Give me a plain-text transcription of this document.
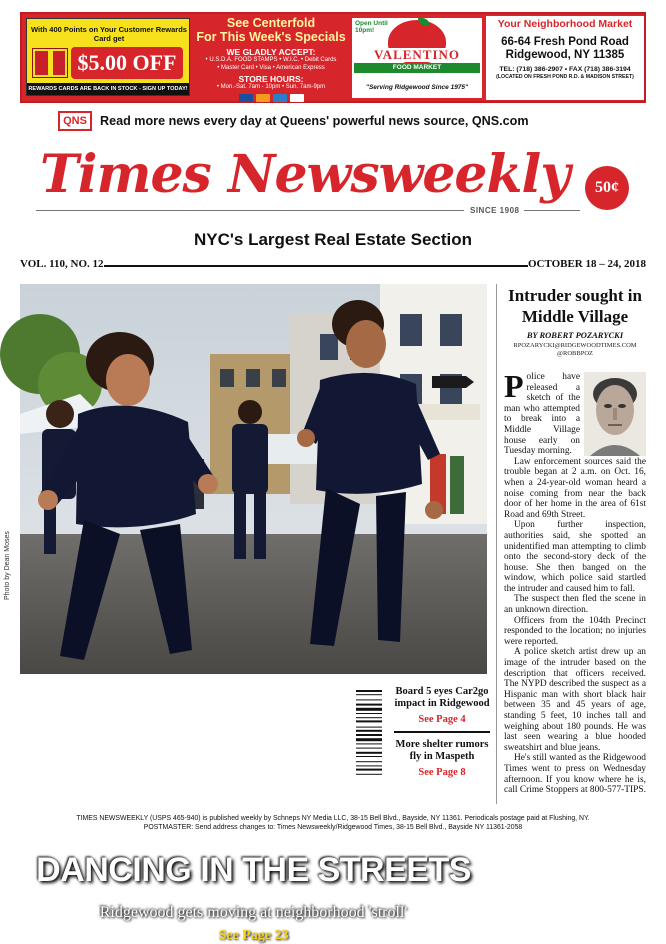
With 400 Points on Your Customer Rewards Card get
$5.00 OFF
REWARDS CARDS ARE BACK IN STOCK - SIGN UP TODAY!
See Centerfold
For This Week's Specials
WE GLADLY ACCEPT:
• U.S.D.A. FOOD STAMPS • W.I.C. • Debit Cards
• Master Card • Visa • American Express
STORE HOURS:
• Mon.-Sat. 7am - 10pm • Sun. 7am-9pm
Open Until 10pm!
VALENTINO
FOOD MARKET
"Serving Ridgewood Since 1975"
Your Neighborhood Market
66-64 Fresh Pond Road
Ridgewood, NY 11385
TEL: (718) 386-2907 • FAX (718) 386-3194
(LOCATED ON FRESH POND R.D. & MADISON STREET)
QNS	Read more news every day at Queens' powerful news source, QNS.com
Times Newsweekly	50¢
SINCE 1908
NYC's Largest Real Estate Section
VOL. 110, NO. 12	OCTOBER 18 – 24, 2018
DANCING IN THE STREETS
Ridgewood gets moving at neighborhood 'stroll'
See Page 23
Photo by Dean Moses
Intruder sought in Middle Village
BY ROBERT POZARYCKI
RPOZARYCKI@RIDGEWOODTIMES.COM
@ROBBPOZ

Police have released a sketch of the man who attempted to break into a Middle Village house early on Tuesday morning.

Law enforcement sources said the trouble began at 2 a.m. on Oct. 16, when a 24-year-old woman heard a noise coming from near the back door of her home in the area of 61st Road and 69th Street.

Upon further inspection, authorities said, she spotted an unidentified man attempting to climb onto the second-story deck of the house. She then banged on the window, which police said startled the intruder and caused him to fall.

The suspect then fled the scene in an unknown direction.

Officers from the 104th Precinct responded to the location; no injuries were reported.

A police sketch artist drew up an image of the intruder based on the description that officers received. The NYPD described the suspect as a Hispanic man with short black hair between 35 and 45 years of age, standing 5 feet, 10 inches tall and weighing about 180 pounds. He was last seen wearing a blue hooded sweatshirt and blue jeans.

He's still wanted as the Ridgewood Times went to press on Wednesday afternoon. If you know where he is, call Crime Stoppers at 800-577-TIPS.

Board 5 eyes Car2go impact in Ridgewood
See Page 4
More shelter rumors fly in Maspeth
See Page 8
TIMES NEWSWEEKLY (USPS 465-940) is published weekly by Schneps NY Media LLC, 38-15 Bell Blvd., Bayside, NY 11361. Periodicals postage paid at Flushing, NY.
POSTMASTER: Send address changes to: Times Newsweekly/Ridgewood Times, 38-15 Bell Blvd., Bayside NY 11361-2058
